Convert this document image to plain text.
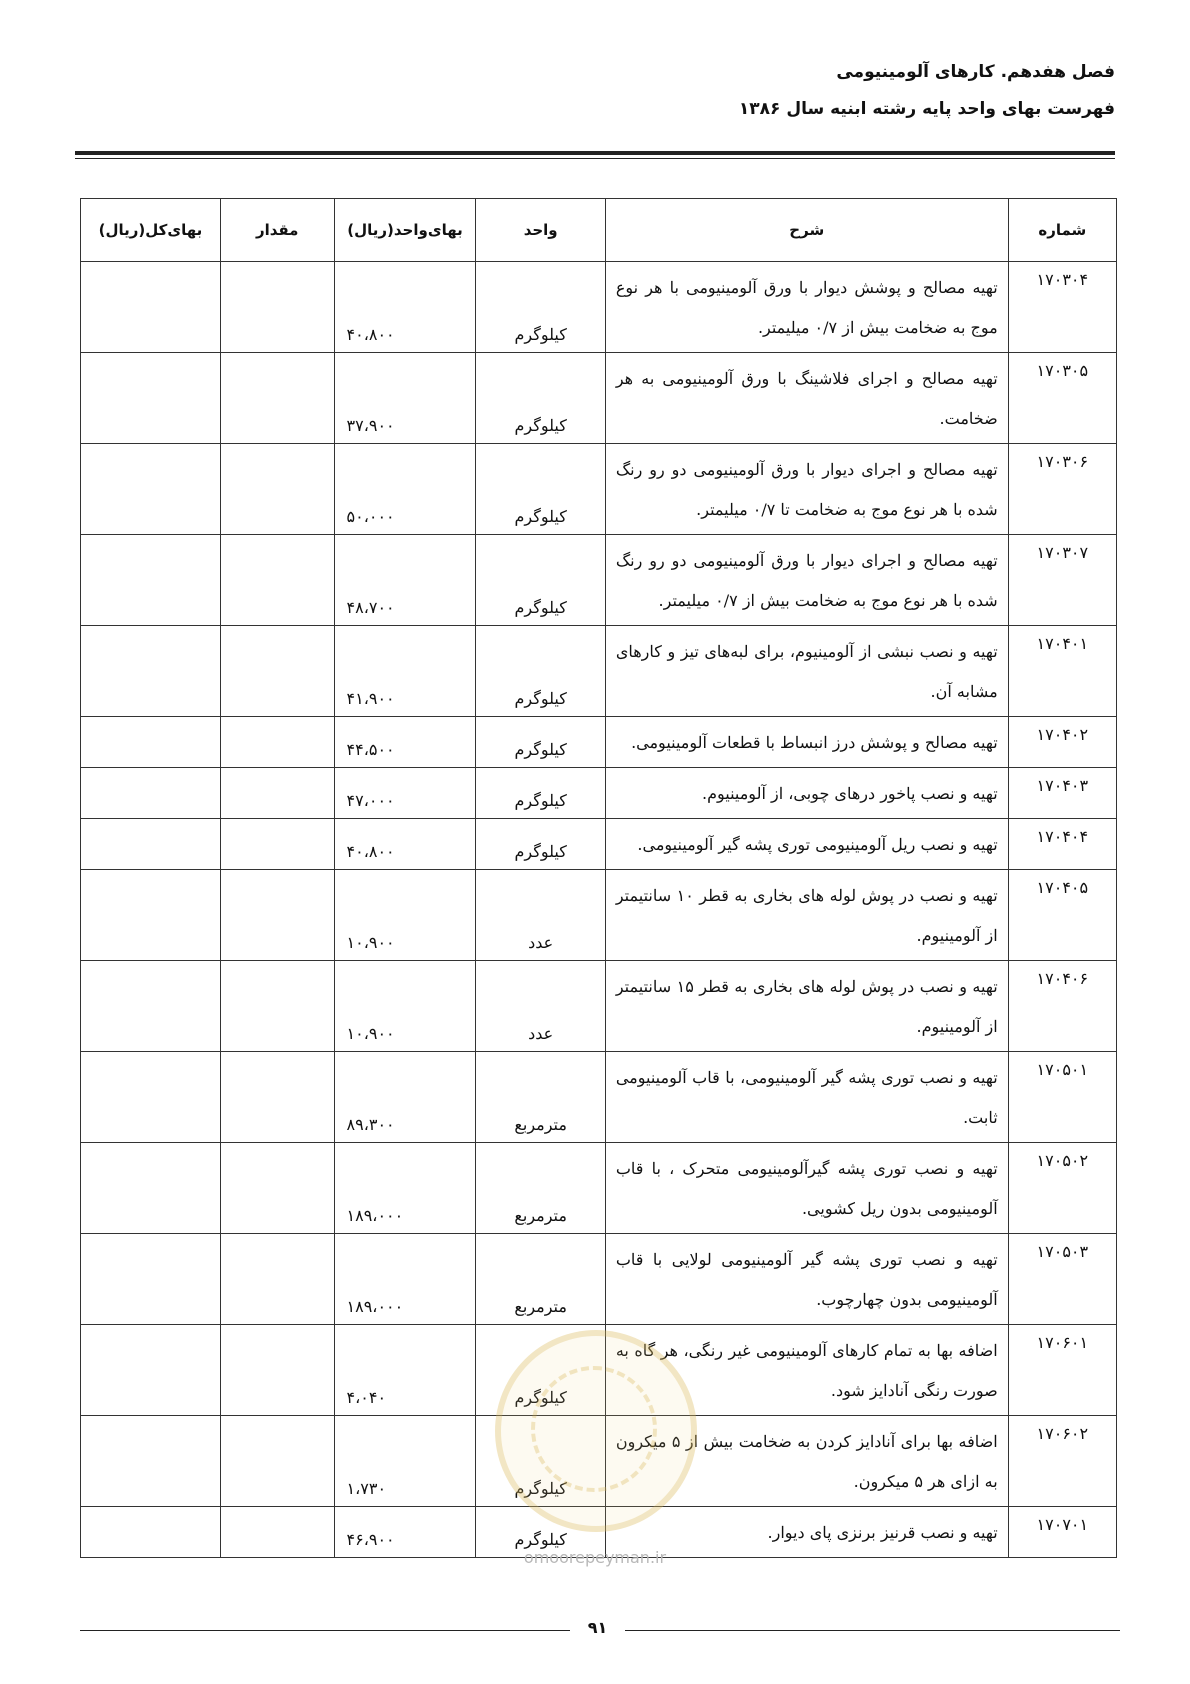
فصل هفدهم. کارهای آلومینیومی
فهرست بهای واحد پایه رشته ابنیه سال ۱۳۸۶
شماره	شرح	واحد	بهای‌واحد(ریال)	مقدار	بهای‌کل(ریال)
۱۷۰۳۰۴	تهیه مصالح و پوشش دیوار با ورق آلومینیومی با هر نوع موج به ضخامت بیش از ۰/۷ میلیمتر.	کیلوگرم	۴۰،۸۰۰		
۱۷۰۳۰۵	تهیه مصالح و اجرای فلاشینگ با ورق آلومینیومی به هر ضخامت.	کیلوگرم	۳۷،۹۰۰		
۱۷۰۳۰۶	تهیه مصالح و اجرای دیوار با ورق آلومینیومی دو رو رنگ شده با هر نوع موج به ضخامت تا ۰/۷ میلیمتر.	کیلوگرم	۵۰،۰۰۰		
۱۷۰۳۰۷	تهیه مصالح و اجرای دیوار با ورق آلومینیومی دو رو رنگ شده با هر نوع موج به ضخامت بیش از ۰/۷ میلیمتر.	کیلوگرم	۴۸،۷۰۰		
۱۷۰۴۰۱	تهیه و نصب نبشی از آلومینیوم، برای لبه‌های تیز و کارهای مشابه آن.	کیلوگرم	۴۱،۹۰۰		
۱۷۰۴۰۲	تهیه مصالح و پوشش درز انبساط با قطعات آلومینیومی.	کیلوگرم	۴۴،۵۰۰		
۱۷۰۴۰۳	تهیه و نصب پاخور درهای چوبی، از آلومینیوم.	کیلوگرم	۴۷،۰۰۰		
۱۷۰۴۰۴	تهیه و نصب ریل آلومینیومی توری پشه گیر آلومینیومی.	کیلوگرم	۴۰،۸۰۰		
۱۷۰۴۰۵	تهیه و نصب در پوش لوله های بخاری به قطر ۱۰ سانتیمتر از آلومینیوم.	عدد	۱۰،۹۰۰		
۱۷۰۴۰۶	تهیه و نصب در پوش لوله های بخاری به قطر ۱۵ سانتیمتر از آلومینیوم.	عدد	۱۰،۹۰۰		
۱۷۰۵۰۱	تهیه و نصب توری پشه گیر آلومینیومی، با قاب آلومینیومی ثابت.	مترمربع	۸۹،۳۰۰		
۱۷۰۵۰۲	تهیه و نصب توری پشه گیرآلومینیومی متحرک ، با قاب آلومینیومی بدون ریل کشویی.	مترمربع	۱۸۹،۰۰۰		
۱۷۰۵۰۳	تهیه و نصب توری پشه گیر آلومینیومی لولایی با قاب آلومینیومی بدون چهارچوب.	مترمربع	۱۸۹،۰۰۰		
۱۷۰۶۰۱	اضافه بها به تمام کارهای آلومینیومی غیر رنگی، هر گاه به صورت رنگی آنادایز شود.	کیلوگرم	۴،۰۴۰		
۱۷۰۶۰۲	اضافه بها برای آنادایز کردن به ضخامت بیش از ۵ میکرون به ازای هر ۵ میکرون.	کیلوگرم	۱،۷۳۰		
۱۷۰۷۰۱	تهیه و نصب قرنیز برنزی پای دیوار.	کیلوگرم	۴۶،۹۰۰		
omoorepeyman.ir
۹۱
